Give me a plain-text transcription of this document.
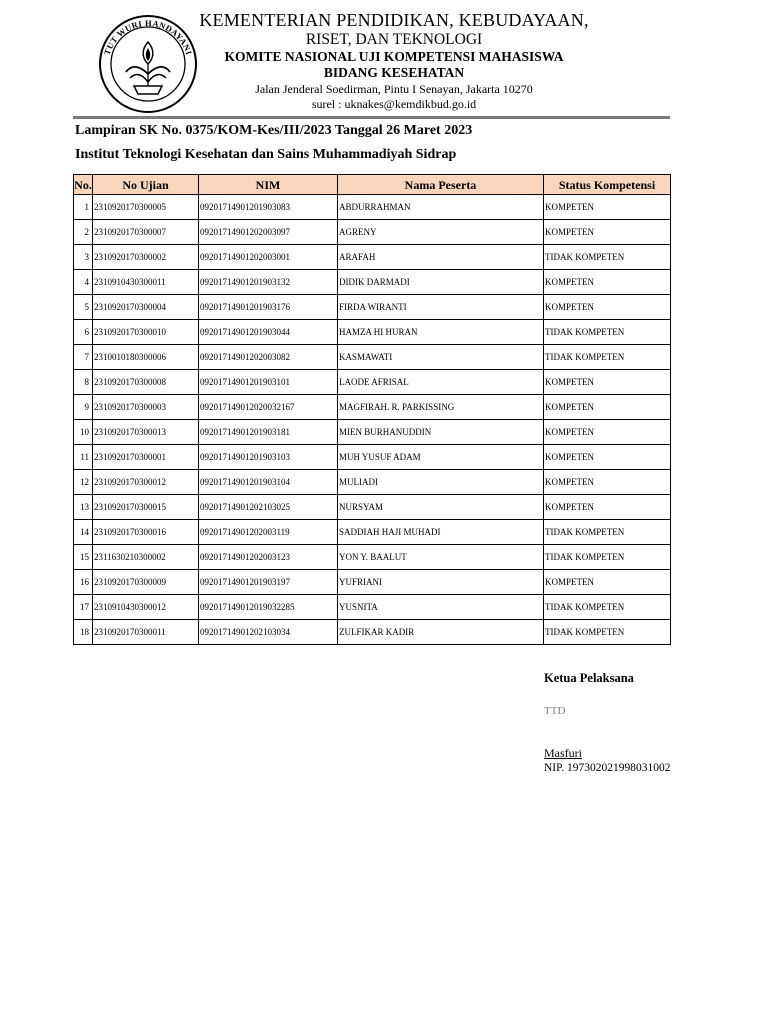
TUT WURI HANDAYANI
KEMENTERIAN PENDIDIKAN, KEBUDAYAAN,
RISET, DAN TEKNOLOGI
KOMITE NASIONAL UJI KOMPETENSI MAHASISWA
BIDANG KESEHATAN
Jalan Jenderal Soedirman, Pintu I Senayan, Jakarta 10270
surel : uknakes@kemdikbud.go.id
Lampiran SK No. 0375/KOM-Kes/III/2023 Tanggal 26 Maret 2023
Institut Teknologi Kesehatan dan Sains Muhammadiyah Sidrap
No.	No Ujian	NIM	Nama Peserta	Status Kompetensi
1	2310920170300005	09201714901201903083	ABDURRAHMAN	KOMPETEN
2	2310920170300007	09201714901202003097	AGRENY	KOMPETEN
3	2310920170300002	09201714901202003001	ARAFAH	TIDAK KOMPETEN
4	2310910430300011	09201714901201903132	DIDIK DARMADI	KOMPETEN
5	2310920170300004	09201714901201903176	FIRDA WIRANTI	KOMPETEN
6	2310920170300010	09201714901201903044	HAMZA HI HURAN	TIDAK KOMPETEN
7	2310010180300006	09201714901202003082	KASMAWATI	TIDAK KOMPETEN
8	2310920170300008	09201714901201903101	LAODE AFRISAL	KOMPETEN
9	2310920170300003	092017149012020032167	MAGFIRAH. R. PARKISSING	KOMPETEN
10	2310920170300013	09201714901201903181	MIEN BURHANUDDIN	KOMPETEN
11	2310920170300001	09201714901201903103	MUH YUSUF ADAM	KOMPETEN
12	2310920170300012	09201714901201903104	MULIADI	KOMPETEN
13	2310920170300015	09201714901202103025	NURSYAM	KOMPETEN
14	2310920170300016	09201714901202003119	SADDIAH HAJI MUHADI	TIDAK KOMPETEN
15	2311630210300002	09201714901202003123	YON Y. BAALUT	TIDAK KOMPETEN
16	2310920170300009	09201714901201903197	YUFRIANI	KOMPETEN
17	2310910430300012	092017149012019032285	YUSNITA	TIDAK KOMPETEN
18	2310920170300011	09201714901202103034	ZULFIKAR KADIR	TIDAK KOMPETEN
Ketua Pelaksana
TTD
Masfuri
NIP. 197302021998031002
